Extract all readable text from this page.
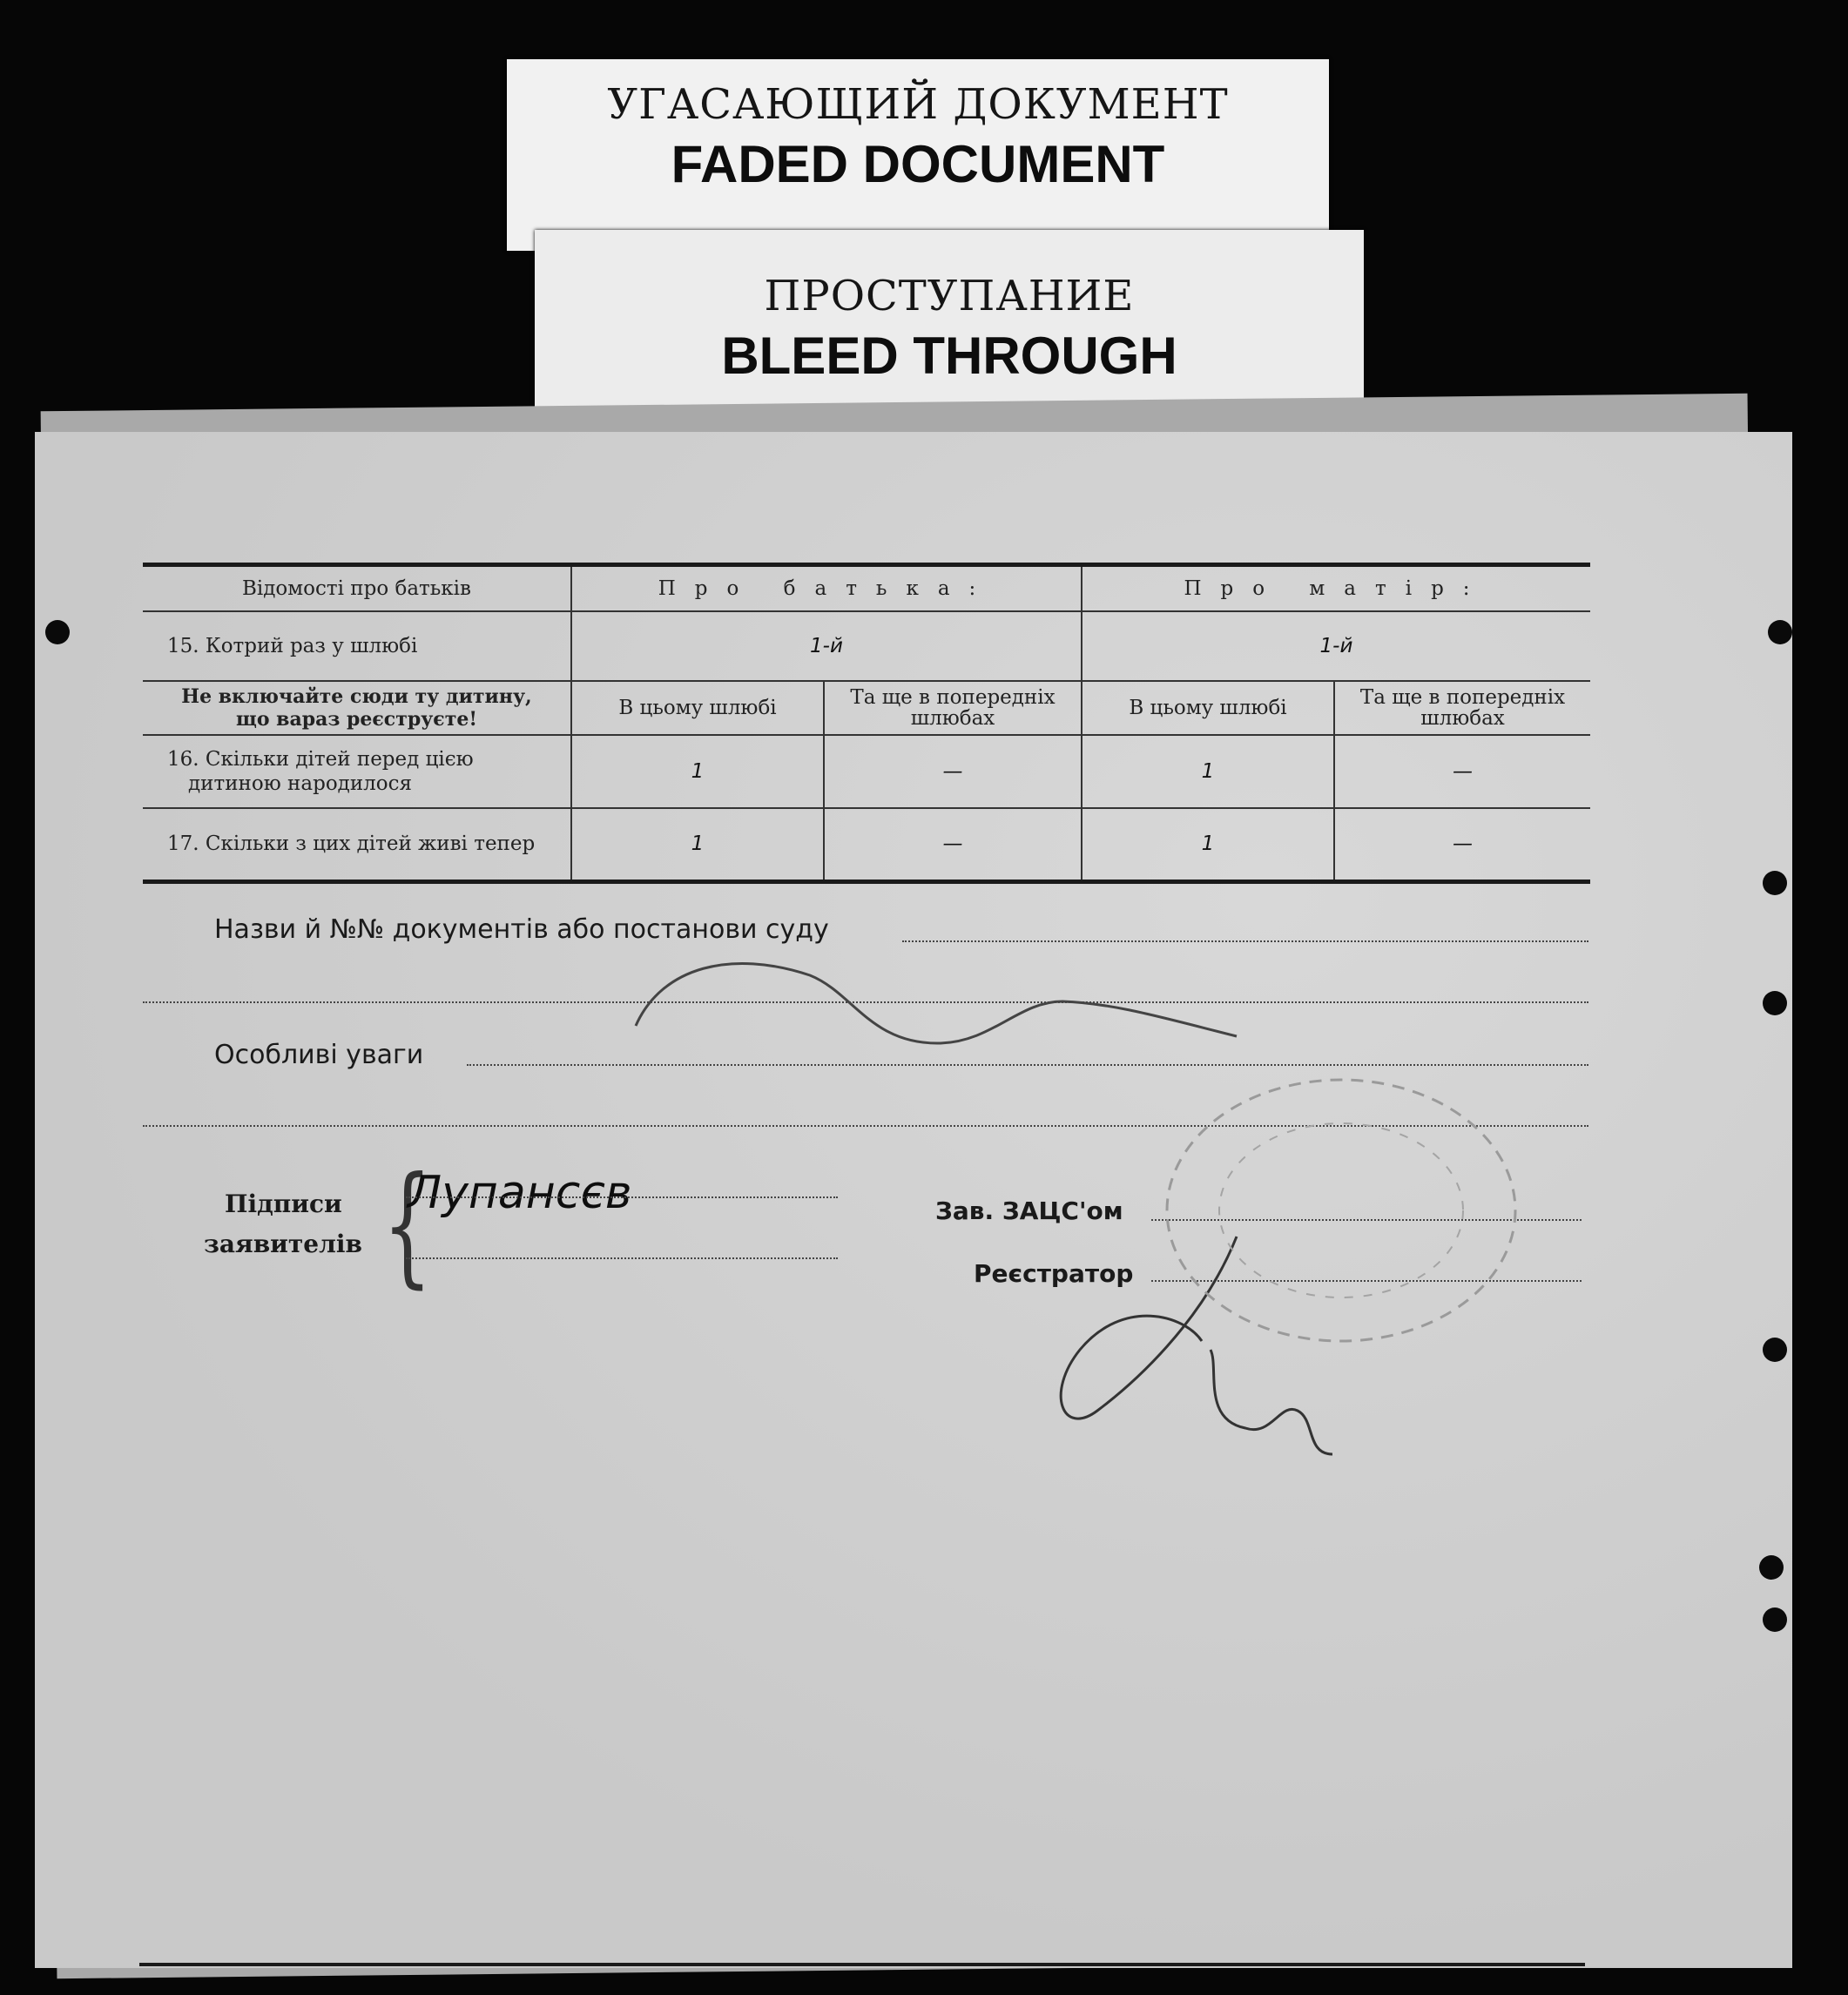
УГАСАЮЩИЙ ДОКУМЕНТ
FADED DOCUMENT
ПРОСТУПАНИЕ
BLEED THROUGH
Відомості про батьків	Про батька:		Про матір:	
15. Котрий раз у шлюбі	1-й		1-й	

Не включайте сюди ту дитину,
що вараз реєструєте!	В цьому шлюбі	Та ще в попередніх шлюбах	В цьому шлюбі	Та ще в попередніх шлюбах

16. Скільки дітей перед цією
дитиною народилося	1	—	1	—
17. Скільки з цих дітей живі тепер	1	—	1	—
Назви й №№ документів або постанови суду
Особливі уваги
Підписи
заявителів {
Лупансєв	Зав. ЗАЦС'ом
Реєстратор
